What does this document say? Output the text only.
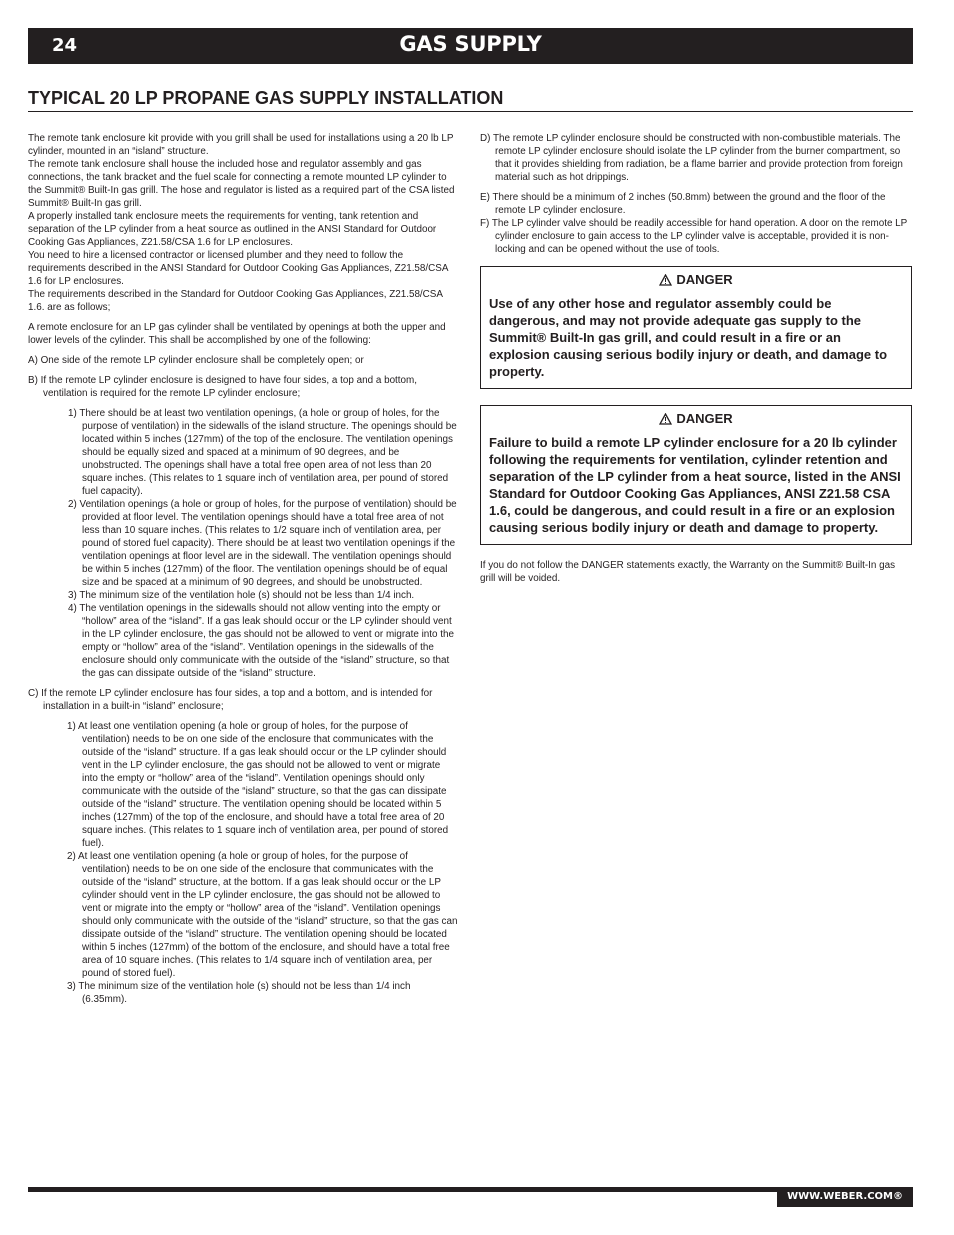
24	GAS SUPPLY
TYPICAL 20 LP PROPANE GAS SUPPLY INSTALLATION

The remote tank enclosure kit provide with you grill shall be used for installations using a 20 lb LP cylinder, mounted in an “island” structure.

The remote tank enclosure shall house the included hose and regulator assembly and gas connections, the tank bracket and the fuel scale for connecting a remote mounted LP cylinder to the Summit® Built-In gas grill. The hose and regulator is listed as a required part of the CSA listed Summit® Built-In gas grill.

A properly installed tank enclosure meets the requirements for venting, tank retention and separation of the LP cylinder from a heat source as outlined in the ANSI Standard for Outdoor Cooking Gas Appliances, Z21.58/CSA 1.6 for LP enclosures.

You need to hire a licensed contractor or licensed plumber and they need to follow the requirements described in the ANSI Standard for Outdoor Cooking Gas Appliances, Z21.58/CSA 1.6 for LP enclosures.

The requirements described in the Standard for Outdoor Cooking Gas Appliances, Z21.58/CSA 1.6. are as follows;

A remote enclosure for an LP gas cylinder shall be ventilated by openings at both the upper and lower levels of the cylinder. This shall be accomplished by one of the following:

A) One side of the remote LP cylinder enclosure shall be completely open; or

B) If the remote LP cylinder enclosure is designed to have four sides, a top and a bottom, ventilation is required for the remote LP cylinder enclosure;

1) There should be at least two ventilation openings, (a hole or group of holes, for the purpose of ventilation) in the sidewalls of the island structure. The openings should be located within 5 inches (127mm) of the top of the enclosure. The ventilation openings should be equally sized and spaced at a minimum of 90 degrees, and be unobstructed. The openings shall have a total free open area of not less than 20 square inches. (This relates to 1 square inch of ventilation area, per pound of stored fuel capacity).

2) Ventilation openings (a hole or group of holes, for the purpose of ventilation) should be provided at floor level. The ventilation openings should have a total free area of not less than 10 square inches. (This relates to 1/2 square inch of ventilation area, per pound of stored fuel capacity). There should be at least two ventilation openings if the ventilation openings at floor level are in the sidewall. The ventilation openings should be within 5 inches (127mm) of the floor. The ventilation openings should be of equal size and be spaced at a minimum of 90 degrees, and should be unobstructed.

3) The minimum size of the ventilation hole (s) should not be less than 1/4 inch.

4) The ventilation openings in the sidewalls should not allow venting into the empty or “hollow” area of the “island”. If a gas leak should occur or the LP cylinder should vent in the LP cylinder enclosure, the gas should not be allowed to vent or migrate into the empty or “hollow” area of the “island”. Ventilation openings in the sidewalls of the enclosure should only communicate with the outside of the “island” structure, so that the gas can dissipate outside of the “island” structure.

C) If the remote LP cylinder enclosure has four sides, a top and a bottom, and is intended for installation in a built-in “island” enclosure;

1) At least one ventilation opening (a hole or group of holes, for the purpose of ventilation) needs to be on one side of the enclosure that communicates with the outside of the “island” structure. If a gas leak should occur or the LP cylinder should vent in the LP cylinder enclosure, the gas should not be allowed to vent or migrate into the empty or “hollow” area of the “island”. Ventilation openings should only communicate with the outside of the “island” structure, so that the gas can dissipate outside of the “island” structure. The ventilation opening should be located within 5 inches (127mm) of the top of the enclosure, and should have a total free area of 20 square inches. (This relates to 1 square inch of ventilation area, per pound of stored fuel).

2) At least one ventilation opening (a hole or group of holes, for the purpose of ventilation) needs to be on one side of the enclosure that communicates with the outside of the “island” structure, at the bottom. If a gas leak should occur or the LP cylinder should vent in the LP cylinder enclosure, the gas should not be allowed to vent or migrate into the empty or “hollow” area of the “island”. Ventilation openings should only communicate with the outside of the “island” structure, so that the gas can dissipate outside of the “island” structure. The ventilation opening should be located within 5 inches (127mm) of the bottom of the enclosure, and should have a total free area of 10 square inches. (This relates to 1/4 square inch of ventilation area, per pound of stored fuel).

3) The minimum size of the ventilation hole (s) should not be less than 1/4 inch (6.35mm).

D) The remote LP cylinder enclosure should be constructed with non-combustible materials. The remote LP cylinder enclosure should isolate the LP cylinder from the burner compartment, so that it provides shielding from radiation, be a flame barrier and provide protection from foreign material such as hot drippings.

E) There should be a minimum of 2 inches (50.8mm) between the ground and the floor of the remote LP cylinder enclosure.

F) The LP cylinder valve should be readily accessible for hand operation. A door on the remote LP cylinder enclosure to gain access to the LP cylinder valve is acceptable, provided it is non-locking and can be opened without the use of tools.

DANGER
Use of any other hose and regulator assembly could be dangerous, and may not provide adequate gas supply to the Summit® Built-In gas grill, and could result in a fire or an explosion causing serious bodily injury or death, and damage to property.
DANGER
Failure to build a remote LP cylinder enclosure for a 20 lb cylinder following the requirements for ventilation, cylinder retention and separation of the LP cylinder from a heat source, listed in the ANSI Standard for Outdoor Cooking Gas Appliances, ANSI Z21.58 CSA 1.6, could be dangerous, and could result in a fire or an explosion causing serious bodily injury or death and damage to property.

If you do not follow the DANGER statements exactly, the Warranty on the Summit® Built-In gas grill will be voided.

WWW.WEBER.COM®
